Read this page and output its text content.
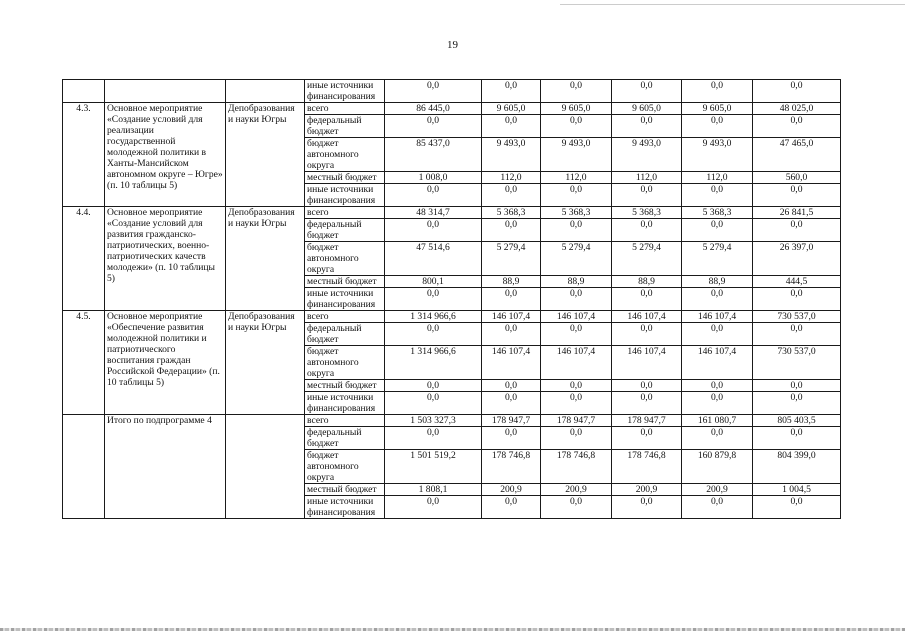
19
			иные источники финансирования	0,0	0,0	0,0	0,0	0,0	0,0
4.3.	Основное мероприятие «Создание условий для реализации государственной молодежной политики в Ханты-Мансийском автономном округе – Югре» (п. 10 таблицы 5)	Депобразования и науки Югры	всего	86 445,0	9 605,0	9 605,0	9 605,0	9 605,0	48 025,0
			федеральный бюджет	0,0	0,0	0,0	0,0	0,0	0,0
			бюджет автономного округа	85 437,0	9 493,0	9 493,0	9 493,0	9 493,0	47 465,0
			местный бюджет	1 008,0	112,0	112,0	112,0	112,0	560,0
			иные источники финансирования	0,0	0,0	0,0	0,0	0,0	0,0
4.4.	Основное мероприятие «Создание условий для развития гражданско-патриотических, военно-патриотических качеств молодежи» (п. 10 таблицы 5)	Депобразования и науки Югры	всего	48 314,7	5 368,3	5 368,3	5 368,3	5 368,3	26 841,5
			федеральный бюджет	0,0	0,0	0,0	0,0	0,0	0,0
			бюджет автономного округа	47 514,6	5 279,4	5 279,4	5 279,4	5 279,4	26 397,0
			местный бюджет	800,1	88,9	88,9	88,9	88,9	444,5
			иные источники финансирования	0,0	0,0	0,0	0,0	0,0	0,0
4.5.	Основное мероприятие «Обеспечение развития молодежной политики и патриотического воспитания граждан Российской Федерации» (п. 10 таблицы 5)	Депобразования и науки Югры	всего	1 314 966,6	146 107,4	146 107,4	146 107,4	146 107,4	730 537,0
			федеральный бюджет	0,0	0,0	0,0	0,0	0,0	0,0
			бюджет автономного округа	1 314 966,6	146 107,4	146 107,4	146 107,4	146 107,4	730 537,0
			местный бюджет	0,0	0,0	0,0	0,0	0,0	0,0
			иные источники финансирования	0,0	0,0	0,0	0,0	0,0	0,0
	Итого по подпрограмме 4		всего	1 503 327,3	178 947,7	178 947,7	178 947,7	161 080,7	805 403,5
			федеральный бюджет	0,0	0,0	0,0	0,0	0,0	0,0
			бюджет автономного округа	1 501 519,2	178 746,8	178 746,8	178 746,8	160 879,8	804 399,0
			местный бюджет	1 808,1	200,9	200,9	200,9	200,9	1 004,5
			иные источники финансирования	0,0	0,0	0,0	0,0	0,0	0,0
